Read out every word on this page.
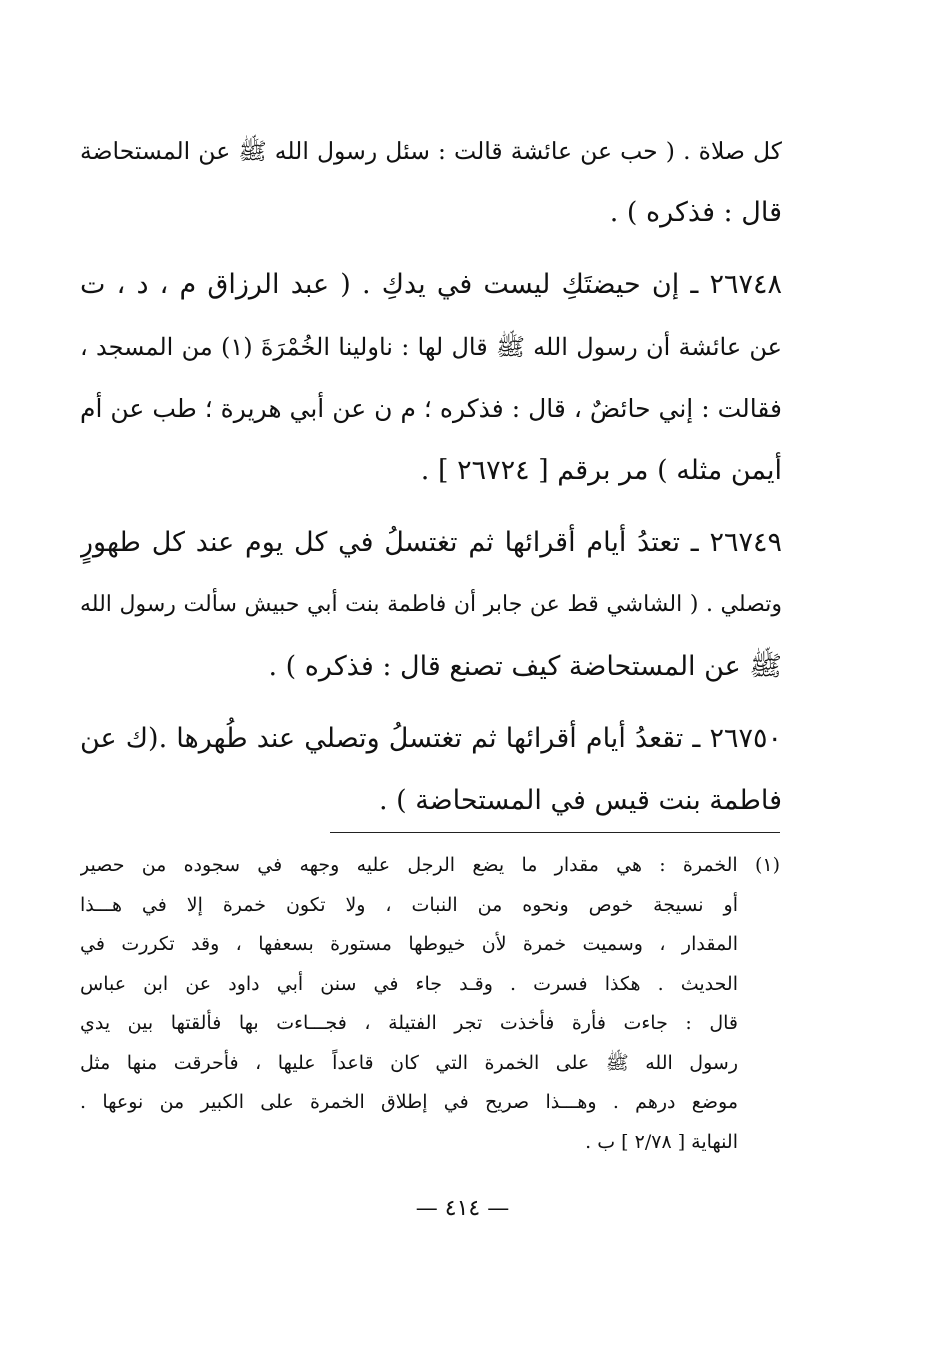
كل صلاة . ( حب عن عائشة قالت : سئل رسول الله ﷺ عن المستحاضة
قال : فذكره ) .
٢٦٧٤٨ ـ إن حيضتَكِ ليست في يدكِ . ( عبد الرزاق م ، د ، ت
عن عائشة أن رسول الله ﷺ قال لها : ناولينا الخُمْرَةَ (١) من المسجد ،
فقالت : إني حائضٌ ، قال : فذكره ؛ م ن عن أبي هريرة ؛ طب عن أم
أيمن مثله ) مر برقم [ ٢٦٧٢٤ ] .
٢٦٧٤٩ ـ تعتدُ أيام أقرائها ثم تغتسلُ في كل يوم عند كل طهورٍ
وتصلي . ( الشاشي قط عن جابر أن فاطمة بنت أبي حبيش سألت رسول الله
ﷺ عن المستحاضة كيف تصنع قال : فذكره ) .
٢٦٧٥٠ ـ تقعدُ أيام أقرائها ثم تغتسلُ وتصلي عند طُهرها .(ك عن
فاطمة بنت قيس في المستحاضة ) .
(١) الخمرة : هي مقدار ما يضع الرجل عليه وجهه في سجوده من حصير
أو نسيجة خوص ونحوه من النبات ، ولا تكون خمرة إلا في هـــذا
المقدار ، وسميت خمرة لأن خيوطها مستورة بسعفها ، وقد تكررت في
الحديث . هكذا فسرت . وقـد جاء في سنن أبي داود عن ابن عباس
قال : جاءت فأرة فأخذت تجر الفتيلة ، فجـــاءت بها فألقتها بين يدي
رسول الله ﷺ على الخمرة التي كان قاعداً عليها ، فأحرقت منها مثل
موضع درهم . وهـــذا صريح في إطلاق الخمرة على الكبير من نوعها .
النهاية [ ٢/٧٨ ] ب .
— ٤١٤ —
